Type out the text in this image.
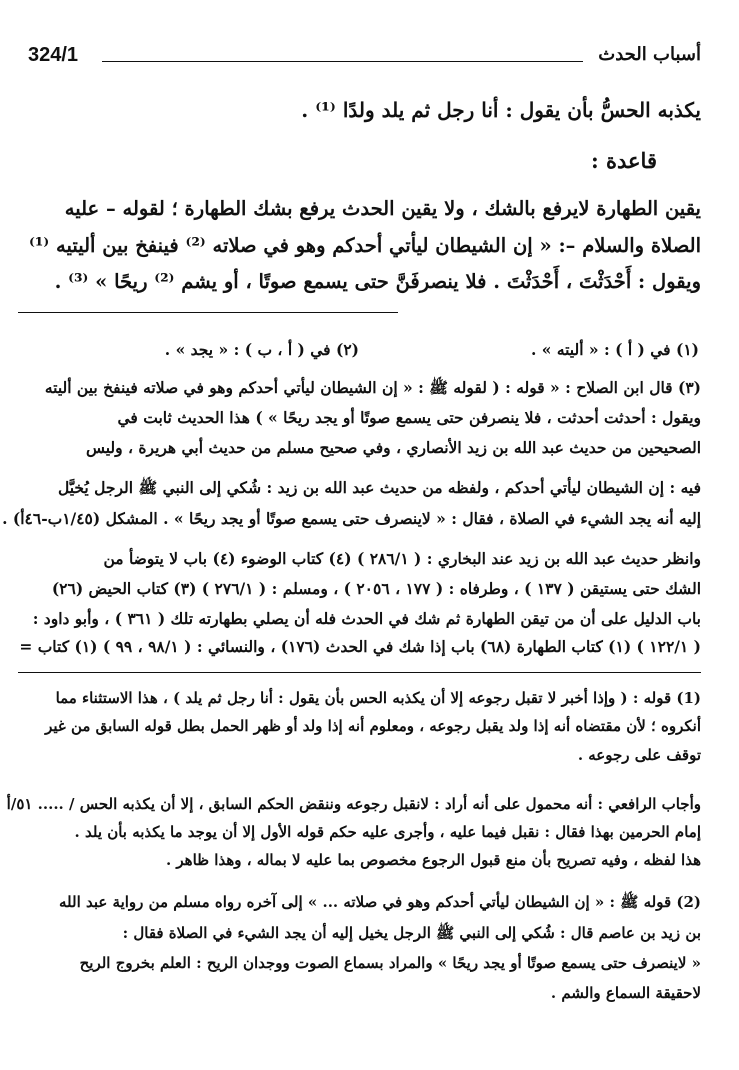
324/1	أسباب الحدث
يكذبه الحسُّ بأن يقول : أنا رجل ثم يلد ولدًا ⁽¹⁾ .
قاعدة :
يقين الطهارة لايرفع بالشك ، ولا يقين الحدث يرفع بشك الطهارة ؛ لقوله – عليه
الصلاة والسلام –: « إن الشيطان ليأتي أحدكم وهو في صلاته ⁽²⁾ فينفخ بين أليتيه ⁽¹⁾
ويقول : أَحْدَثْتَ ، أَحْدَثْتَ . فلا ينصرفَنَّ حتى يسمع صوتًا ، أو يشم ⁽²⁾ ريحًا » ⁽³⁾ .
(١) في ( أ ) : « أليته » .
(٢) في ( أ ، ب ) : « يجد » .
(٣) قال ابن الصلاح : « قوله : ( لقوله ﷺ : « إن الشيطان ليأتي أحدكم وهو في صلاته فينفخ بين أليته
ويقول : أحدثت أحدثت ، فلا ينصرفن حتى يسمع صوتًا أو يجد ريحًا » ) هذا الحديث ثابت في
الصحيحين من حديث عبد الله بن زيد الأنصاري ، وفي صحيح مسلم من حديث أبي هريرة ، وليس
فيه : إن الشيطان ليأتي أحدكم ، ولفظه من حديث عبد الله بن زيد : شُكي إلى النبي ﷺ الرجل يُخيَّل
إليه أنه يجد الشيء في الصلاة ، فقال : « لاينصرف حتى يسمع صوتًا أو يجد ريحًا » . المشكل (١/٤٥ب-٤٦أ) .
وانظر حديث عبد الله بن زيد عند البخاري : ( ٢٨٦/١ ) (٤) كتاب الوضوء (٤) باب لا يتوضأ من
الشك حتى يستيقن ( ١٣٧ ) ، وطرفاه : ( ١٧٧ ، ٢٠٥٦ ) ، ومسلم : ( ٢٧٦/١ ) (٣) كتاب الحيض (٢٦)
باب الدليل على أن من تيقن الطهارة ثم شك في الحدث فله أن يصلي بطهارته تلك ( ٣٦١ ) ، وأبو داود :
( ١٢٢/١ ) (١) كتاب الطهارة (٦٨) باب إذا شك في الحدث (١٧٦) ، والنسائي : ( ٩٨/١ ، ٩٩ ) (١) كتاب =
(1) قوله : ( وإذا أخبر لا تقبل رجوعه إلا أن يكذبه الحس بأن يقول : أنا رجل ثم يلد ) ، هذا الاستثناء مما
أنكروه ؛ لأن مقتضاه أنه إذا ولد يقبل رجوعه ، ومعلوم أنه إذا ولد أو ظهر الحمل بطل قوله السابق من غير
توقف على رجوعه .
وأجاب الرافعي : أنه محمول على أنه أراد : لانقبل رجوعه وننقض الحكم السابق ، إلا أن يكذبه الحس / ..... ٥١/أ
إمام الحرمين بهذا فقال : نقبل فيما عليه ، وأجرى عليه حكم قوله الأول إلا أن يوجد ما يكذبه بأن يلد .
هذا لفظه ، وفيه تصريح بأن منع قبول الرجوع مخصوص بما عليه لا بماله ، وهذا ظاهر .
(2) قوله ﷺ : « إن الشيطان ليأتي أحدكم وهو في صلاته ... » إلى آخره رواه مسلم من رواية عبد الله
بن زيد بن عاصم قال : شُكي إلى النبي ﷺ الرجل يخيل إليه أن يجد الشيء في الصلاة فقال :
« لاينصرف حتى يسمع صوتًا أو يجد ريحًا » والمراد بسماع الصوت ووجدان الريح : العلم بخروج الريح
لاحقيقة السماع والشم .
